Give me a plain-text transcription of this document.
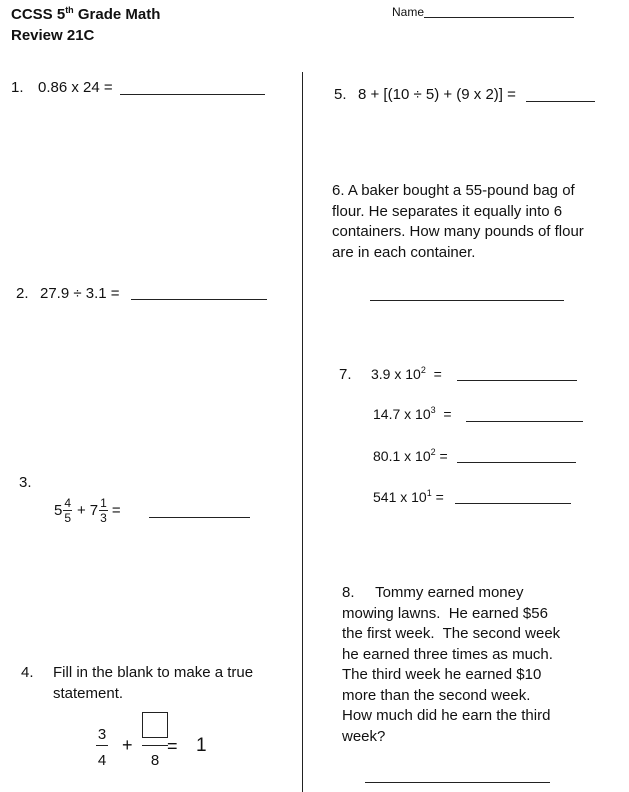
CCSS 5th Grade Math
Review 21C
Name
1. 0.86 x 24 =
2. 27.9 ÷ 3.1 =
3.
$5 \frac{4}{5} + 7 \frac{1}{3}$ =
4. Fill in the blank to make a true
statement.
3
4
+
8
= 1
5. 8 + [(10 ÷ 5) + (9 x 2)] =
6. A baker bought a 55-pound bag of
flour. He separates it equally into 6
containers. How many pounds of flour
are in each container.
7. 3.9 x $10^2$  =
14.7 x $10^3$  =
80.1 x $10^2$ =
541 x $10^1$ =
8.     Tommy earned money
mowing lawns.  He earned $56
the first week.  The second week
he earned three times as much.
The third week he earned $10
more than the second week.
How much did he earn the third
week?
